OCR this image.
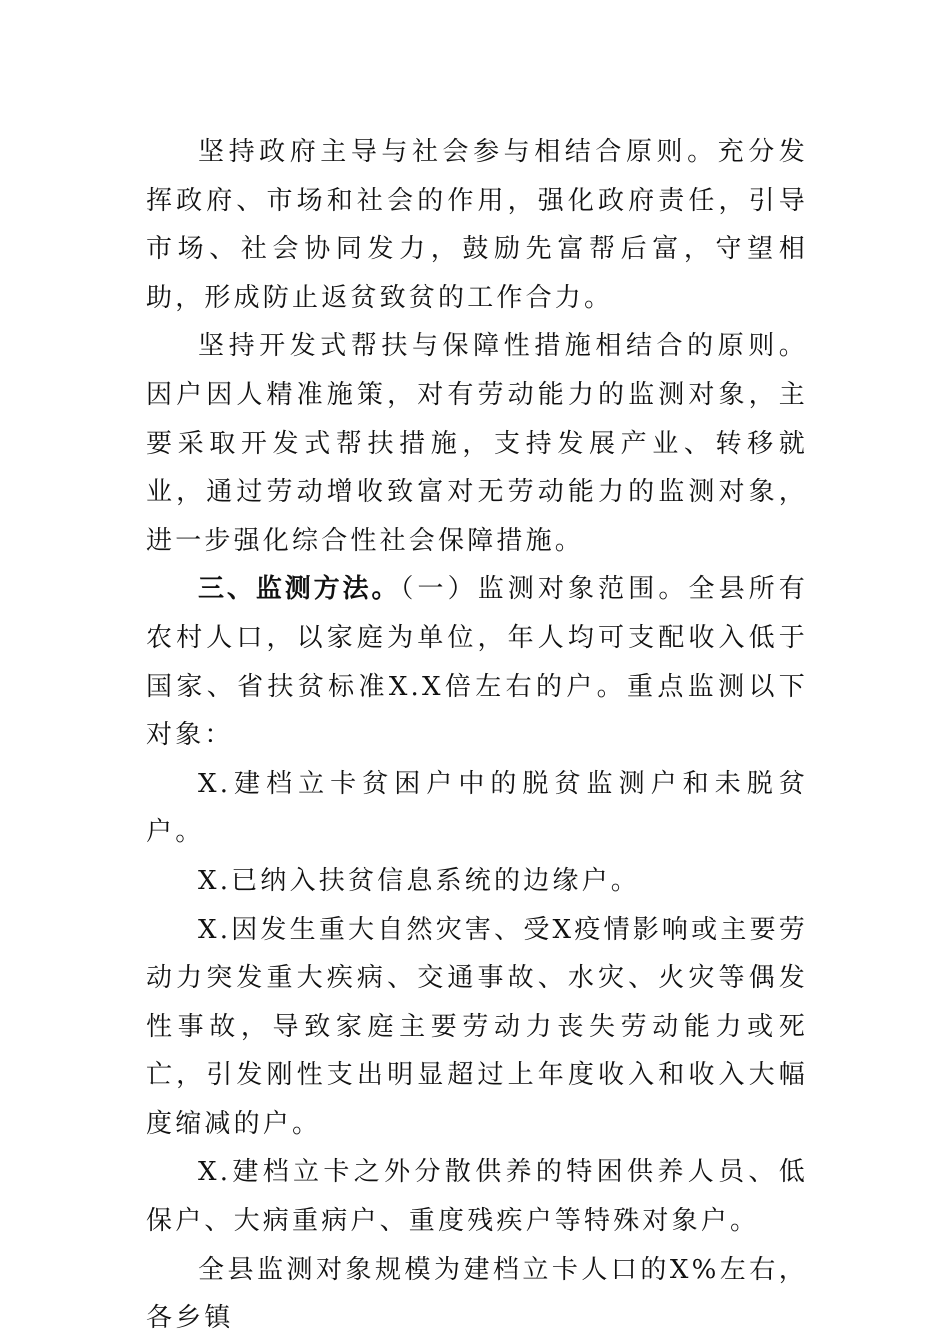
坚持政府主导与社会参与相结合原则。充分发挥政府、市场和社会的作用，强化政府责任，引导市场、社会协同发力，鼓励先富帮后富，守望相助，形成防止返贫致贫的工作合力。

坚持开发式帮扶与保障性措施相结合的原则。因户因人精准施策，对有劳动能力的监测对象，主要采取开发式帮扶措施，支持发展产业、转移就业，通过劳动增收致富对无劳动能力的监测对象，进一步强化综合性社会保障措施。

三、监测方法。（一）监测对象范围。全县所有农村人口，以家庭为单位，年人均可支配收入低于国家、省扶贫标准X.X倍左右的户。重点监测以下对象：

X.建档立卡贫困户中的脱贫监测户和未脱贫户。

X.已纳入扶贫信息系统的边缘户。

X.因发生重大自然灾害、受X疫情影响或主要劳动力突发重大疾病、交通事故、水灾、火灾等偶发性事故，导致家庭主要劳动力丧失劳动能力或死亡，引发刚性支出明显超过上年度收入和收入大幅度缩减的户。

X.建档立卡之外分散供养的特困供养人员、低保户、大病重病户、重度残疾户等特殊对象户。

全县监测对象规模为建档立卡人口的X%左右，各乡镇
